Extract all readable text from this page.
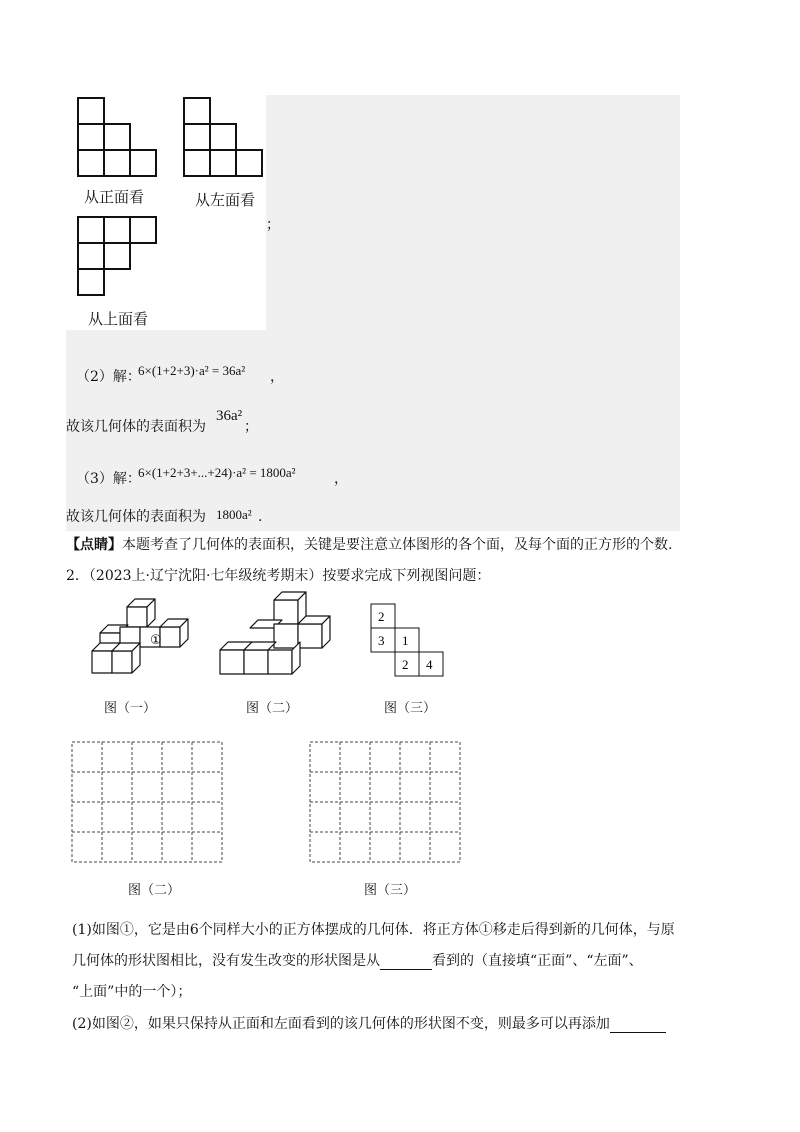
从正面看	从左面看
；
从上面看
（2）解：
6×(1+2+3)·a² = 36a² ，
故该几何体的表面积为
36a²
；
（3）解：
6×(1+2+3+...+24)·a² = 1800a²	，
故该几何体的表面积为 1800a² .
【点睛】本题考查了几何体的表面积，关键是要注意立体图形的各个面，及每个面的正方形的个数.
2．（2023上·辽宁沈阳·七年级统考期末）按要求完成下列视图问题：
①
图（一）	图（二）
2
3 1
2 4
图（三）
图（二）	图（三）
(1)如图①，它是由6个同样大小的正方体摆成的几何体．将正方体①移走后得到新的几何体，与原
几何体的形状图相比，没有发生改变的形状图是从	看到的（直接填“正面”、“左面”、
“上面”中的一个）；
(2)如图②，如果只保持从正面和左面看到的该几何体的形状图不变，则最多可以再添加
